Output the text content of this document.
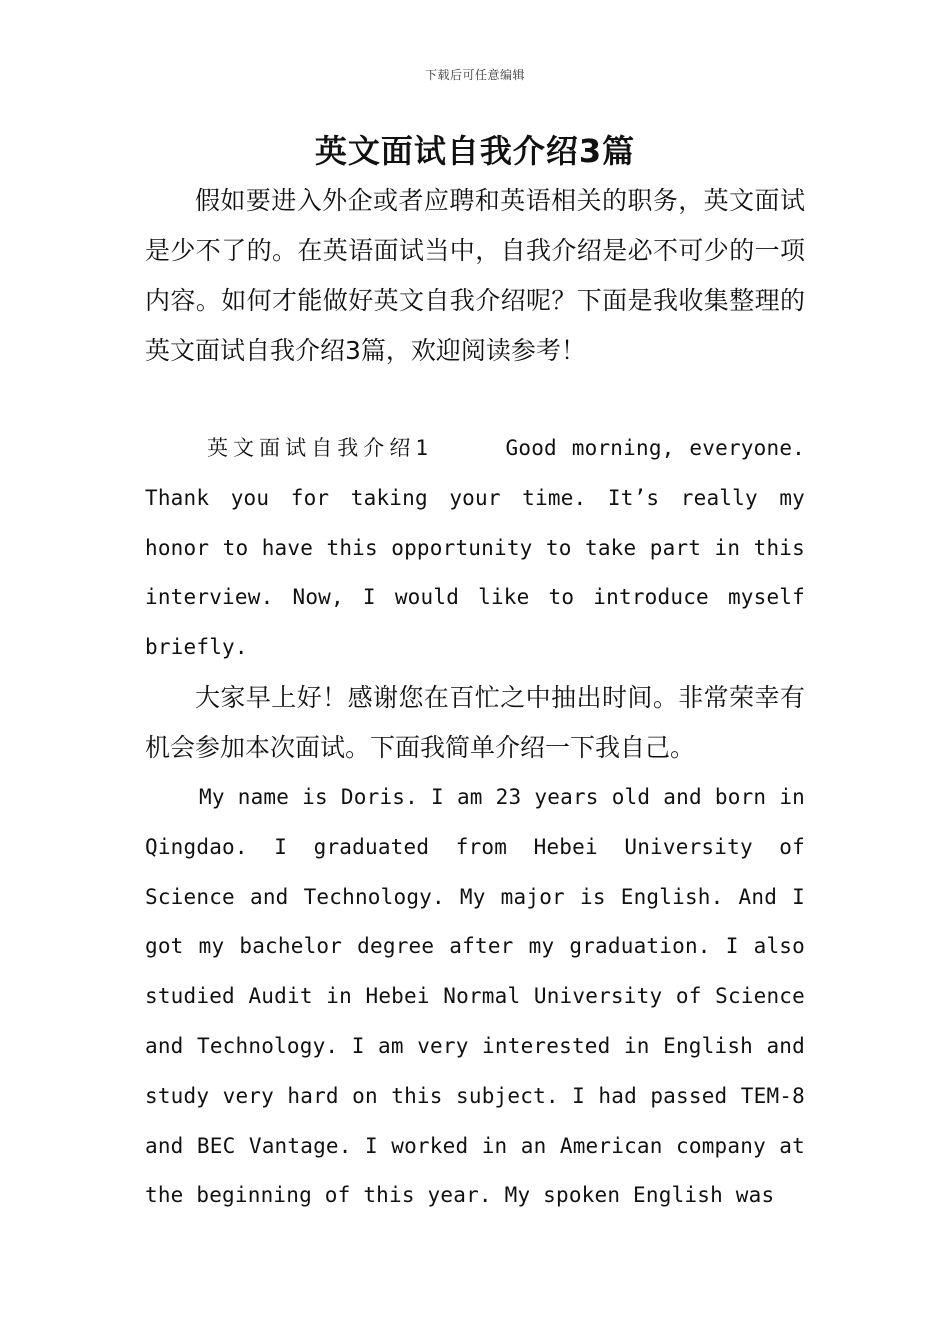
下载后可任意编辑
英文面试自我介绍3篇

假如要进入外企或者应聘和英语相关的职务，英文面试是少不了的。在英语面试当中，自我介绍是必不可少的一项内容。如何才能做好英文自我介绍呢？下面是我收集整理的英文面试自我介绍3篇，欢迎阅读参考！

英文面试自我介绍1	Good morning, everyone. Thank you for taking your time. It’s really my honor to have this opportunity to take part in this interview. Now, I would like to introduce myself briefly.

大家早上好！感谢您在百忙之中抽出时间。非常荣幸有机会参加本次面试。下面我简单介绍一下我自己。

My name is Doris. I am 23 years old and born in Qingdao. I graduated from Hebei University of Science and Technology. My major is English. And I got my bachelor degree after my graduation. I also studied Audit in Hebei Normal University of Science and Technology. I am very interested in English and study very hard on this subject. I had passed TEM-8 and BEC Vantage. I worked in an American company at the beginning of this year. My spoken English was
